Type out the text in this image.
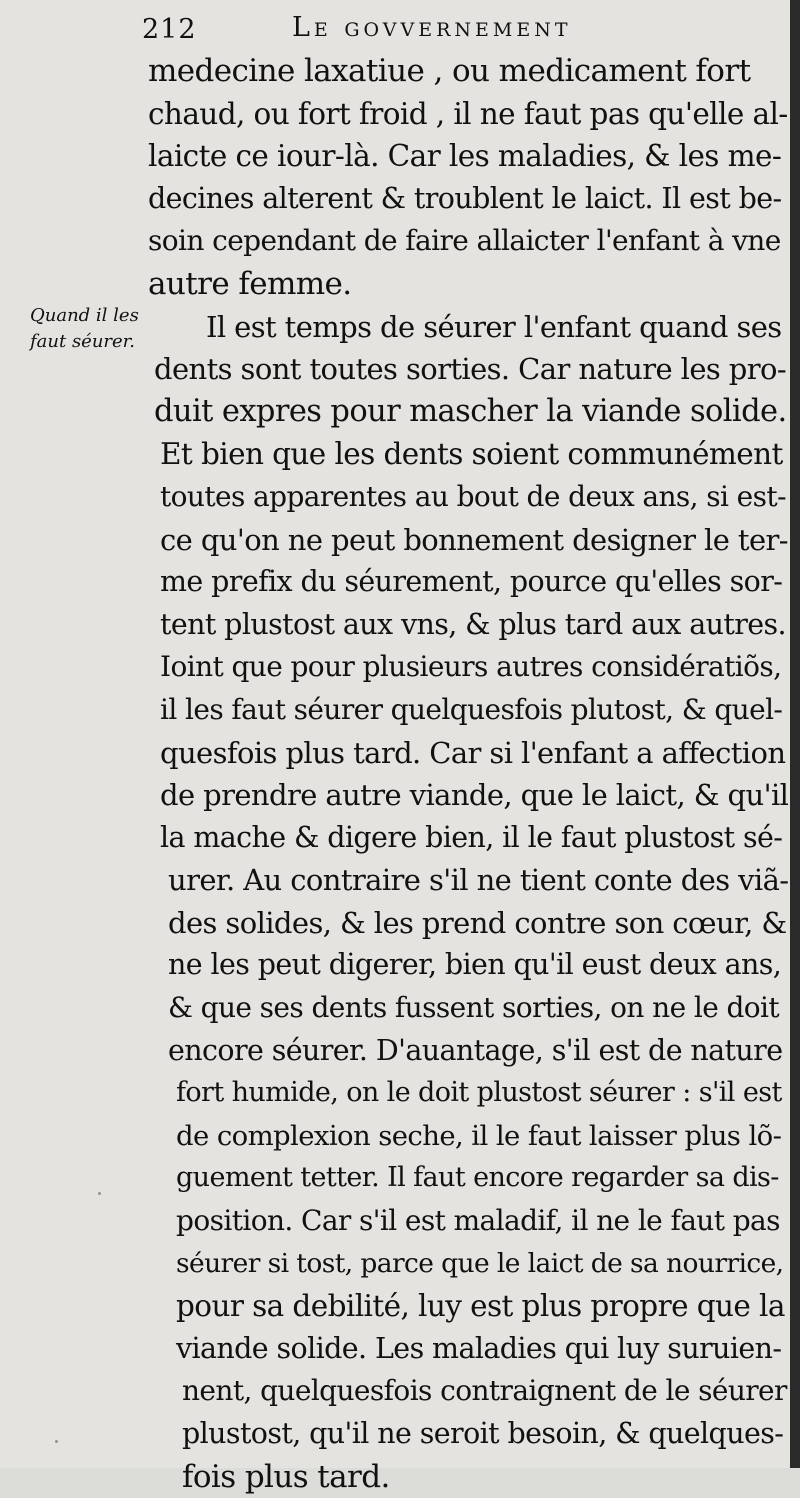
212	Le govvernement
Quand il les
faut séurer.
medecine laxatiue , ou medicament fort
chaud, ou fort froid , il ne faut pas qu'elle al-
laicte ce iour-là. Car les maladies, & les me-
decines alterent & troublent le laict. Il est be-
soin cependant de faire allaicter l'enfant à vne
autre femme.
Il est temps de séurer l'enfant quand ses
dents sont toutes sorties. Car nature les pro-
duit expres pour mascher la viande solide.
Et bien que les dents soient communément
toutes apparentes au bout de deux ans, si est-
ce qu'on ne peut bonnement designer le ter-
me prefix du séurement, pource qu'elles sor-
tent plustost aux vns, & plus tard aux autres.
Ioint que pour plusieurs autres considératiõs,
il les faut séurer quelquesfois plutost, & quel-
quesfois plus tard. Car si l'enfant a affection
de prendre autre viande, que le laict, & qu'il
la mache & digere bien, il le faut plustost sé-
urer. Au contraire s'il ne tient conte des viã-
des solides, & les prend contre son cœur, &
ne les peut digerer, bien qu'il eust deux ans,
& que ses dents fussent sorties, on ne le doit
encore séurer. D'auantage, s'il est de nature
fort humide, on le doit plustost séurer : s'il est
de complexion seche, il le faut laisser plus lõ-
guement tetter. Il faut encore regarder sa dis-
position. Car s'il est maladif, il ne le faut pas
séurer si tost, parce que le laict de sa nourrice,
pour sa debilité, luy est plus propre que la
viande solide. Les maladies qui luy suruien-
nent, quelquesfois contraignent de le séurer
plustost, qu'il ne seroit besoin, & quelques-
fois plus tard.
